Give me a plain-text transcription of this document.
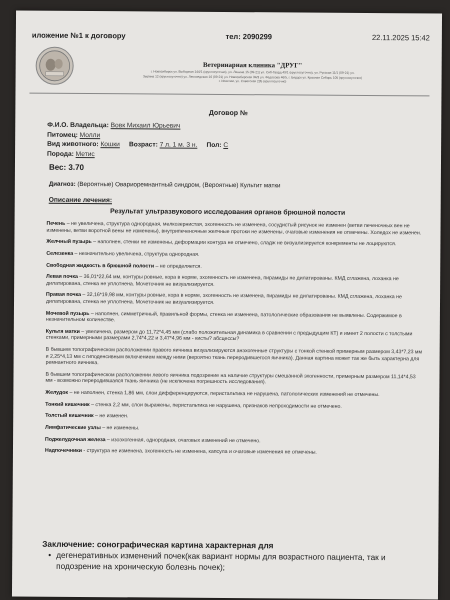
иложение №1 к договору	тел: 2090299	22.11.2025 15:42
Ветеринарная клиника "ДРУГ"
г. Новосибирск ул. Выборная 144/1 (круглосуточно), ул. Ленина 15 (09-21) ул. Сиб-Гвард 49/1 (круглосуточно), ул. Русская 11/1 (09-21) ул.
Зыряна 12 (круглосуточно) ул. Лесоседская 16 (09-21) ул. Новосибирская 34/3 ул. Федосова 46/5, г. Бердск ул. Красная Сибирь 105 (круглосуточно)
г. Искитим, ул. Советская 235 (круглосуточно)
Договор №
Ф.И.О. Владельца: Вовк Михаил Юрьевич
Питомец: Молли
Вид животного: Кошки Возраст: 7 л. 1 м. 3 н. Пол: С
Порода: Метис
Вес: 3.70
Диагноз: (Вероятные) Овариоремнантный синдром, (Вероятные) Культит матки
Описание лечения:
Результат ультразвукового исследования органов брюшной полости

Печень – не увеличена, структура однородная, мелкозернистая, эхогенность не изменена, сосудистый рисунок не изменен (ветви печеночных вен не изменены, ветви воротной вены не изменены), внутрипеченочные желчные протоки не изменены, очаговые изменения не отмечены. Холедох не изменен.

Желчный пузырь – наполнен, стенки не изменены, деформации контура не отмечено, сладж не визуализируется конкременты не лоцируются.

Селезенка – незначительно увеличена, структура однородная.

Свободная жидкость в брюшной полости – не определяется.

Левая почка – 36,01*22,64 мм, контуры ровные, кора в норме, эхогенность не изменена, пирамиды не дилатированы. КМД сглажена, лоханка не дилатирована, стенка не уплотнена. Мочеточник не визуализируется.

Правая почка – 32,16*19,98 мм, контуры ровные, кора в норме, эхогенность не изменена, пирамиды не дилатированы. КМД сглажена, лоханка не дилатирована, стенка не уплотнена. Мочеточник не визуализируется.

Мочевой пузырь – наполнен, симметричный, правильной формы, стенка не изменена, патологические образования не выявлены. Содержимое в незначительном количестве.

Культя матки – увеличена, размером до 11,72*4,45 мм (слабо положительная динамика в сравнении с предыдущим КТ) и имеет 2 полости с толстыми стенками, примерными размерами 2,74*4,22 и 3,47*4,96 мм - кисты? абсцессы?

В бывшем топографическом расположении правого яичника визуализируются анэхогенные структуры с тонкой стенкой примерным размером 3,43*7,23 мм и 2,25*4,13 мм с гиподенсивным включением между ними (вероятно ткань переродившегося яичника). Данная картина может так же быть характерна для ремнантного яичника.

В бывшем топографическом расположении левого яичника подозрение на наличие структуры смешанной эхогенности, примерным размером 11,14*4,53 мм - возможно переродившаяся ткань яичника (не исключена погрешность исследования).

Желудок – не наполнен, стенка 1,86 мм, слои дифференцируются, перистальтика не нарушена, патологических изменений не отмечены.

Тонкий кишечник – стенка 2,2 мм, слои выражены, перистальтика не нарушена, признаков непроходимости не отмечено.

Толстый кишечник – не изменен.

Лимфатические узлы – не изменены.

Поджелудочная железа – изоэхогенная, однородная, очаговых изменений не отмечено.

Надпочечники - структура не изменена, эхогенность не изменена, капсула и очаговые изменения не отмечены.

Заключение: сонографическая картина характерная для
• дегенеративных изменений почек(как вариант нормы для возрастного пациента, так и подозрение на хроническую болезнь почек);
